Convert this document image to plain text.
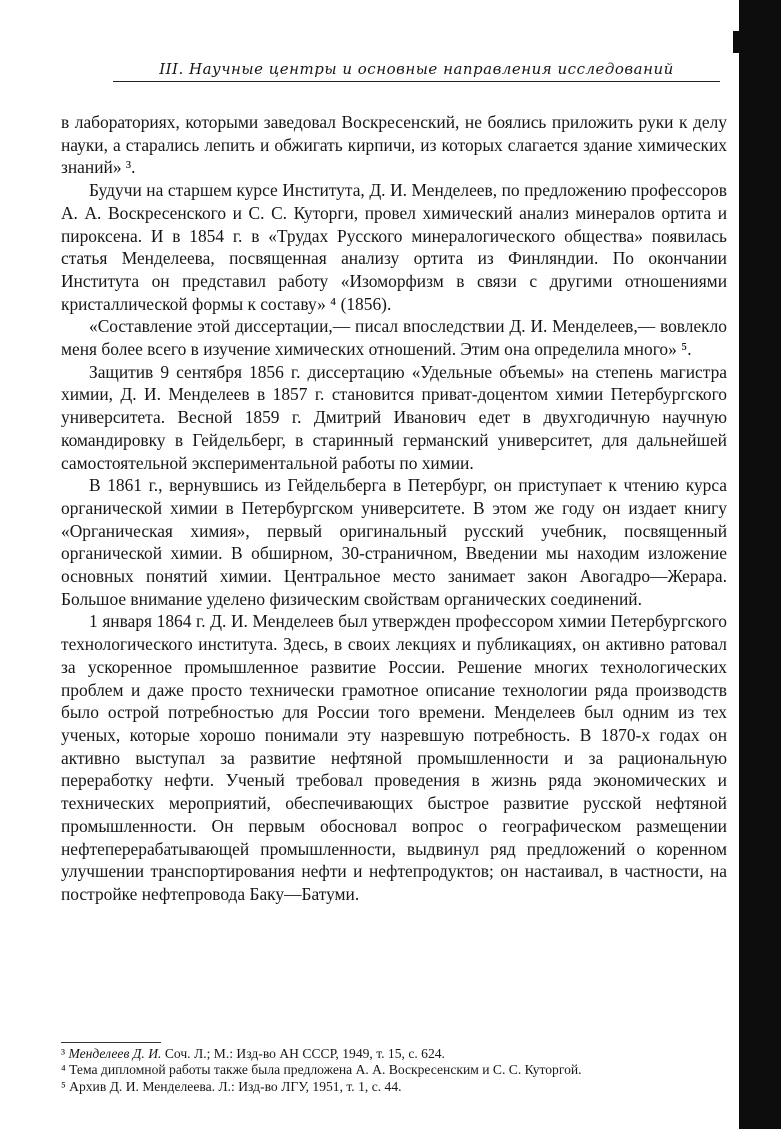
III. Научные центры и основные направления исследований

в лабораториях, которыми заведовал Воскресенский, не боялись приложить руки к делу науки, а старались лепить и обжигать кирпичи, из которых слагается здание химических знаний» ³.

Будучи на старшем курсе Института, Д. И. Менделеев, по предложению профессоров А. А. Воскресенского и С. С. Куторги, провел химический анализ минералов ортита и пироксена. И в 1854 г. в «Трудах Русского минералогического общества» появилась статья Менделеева, посвященная анализу ортита из Финляндии. По окончании Института он представил работу «Изоморфизм в связи с другими отношениями кристаллической формы к составу» ⁴ (1856).

«Составление этой диссертации,— писал впоследствии Д. И. Менделеев,— вовлекло меня более всего в изучение химических отношений. Этим она определила много» ⁵.

Защитив 9 сентября 1856 г. диссертацию «Удельные объемы» на степень магистра химии, Д. И. Менделеев в 1857 г. становится приват-доцентом химии Петербургского университета. Весной 1859 г. Дмитрий Иванович едет в двухгодичную научную командировку в Гейдельберг, в старинный германский университет, для дальнейшей самостоятельной экспериментальной работы по химии.

В 1861 г., вернувшись из Гейдельберга в Петербург, он приступает к чтению курса органической химии в Петербургском университете. В этом же году он издает книгу «Органическая химия», первый оригинальный русский учебник, посвященный органической химии. В обширном, 30-страничном, Введении мы находим изложение основных понятий химии. Центральное место занимает закон Авогадро—Жерара. Большое внимание уделено физическим свойствам органических соединений.

1 января 1864 г. Д. И. Менделеев был утвержден профессором химии Петербургского технологического института. Здесь, в своих лекциях и публикациях, он активно ратовал за ускоренное промышленное развитие России. Решение многих технологических проблем и даже просто технически грамотное описание технологии ряда производств было острой потребностью для России того времени. Менделеев был одним из тех ученых, которые хорошо понимали эту назревшую потребность. В 1870-х годах он активно выступал за развитие нефтяной промышленности и за рациональную переработку нефти. Ученый требовал проведения в жизнь ряда экономических и технических мероприятий, обеспечивающих быстрое развитие русской нефтяной промышленности. Он первым обосновал вопрос о географическом размещении нефтеперерабатывающей промышленности, выдвинул ряд предложений о коренном улучшении транспортирования нефти и нефтепродуктов; он настаивал, в частности, на постройке нефтепровода Баку—Батуми.

³ Менделеев Д. И. Соч. Л.; М.: Изд-во АН СССР, 1949, т. 15, с. 624.

⁴ Тема дипломной работы также была предложена А. А. Воскресенским и С. С. Куторгой.

⁵ Архив Д. И. Менделеева. Л.: Изд-во ЛГУ, 1951, т. 1, с. 44.
